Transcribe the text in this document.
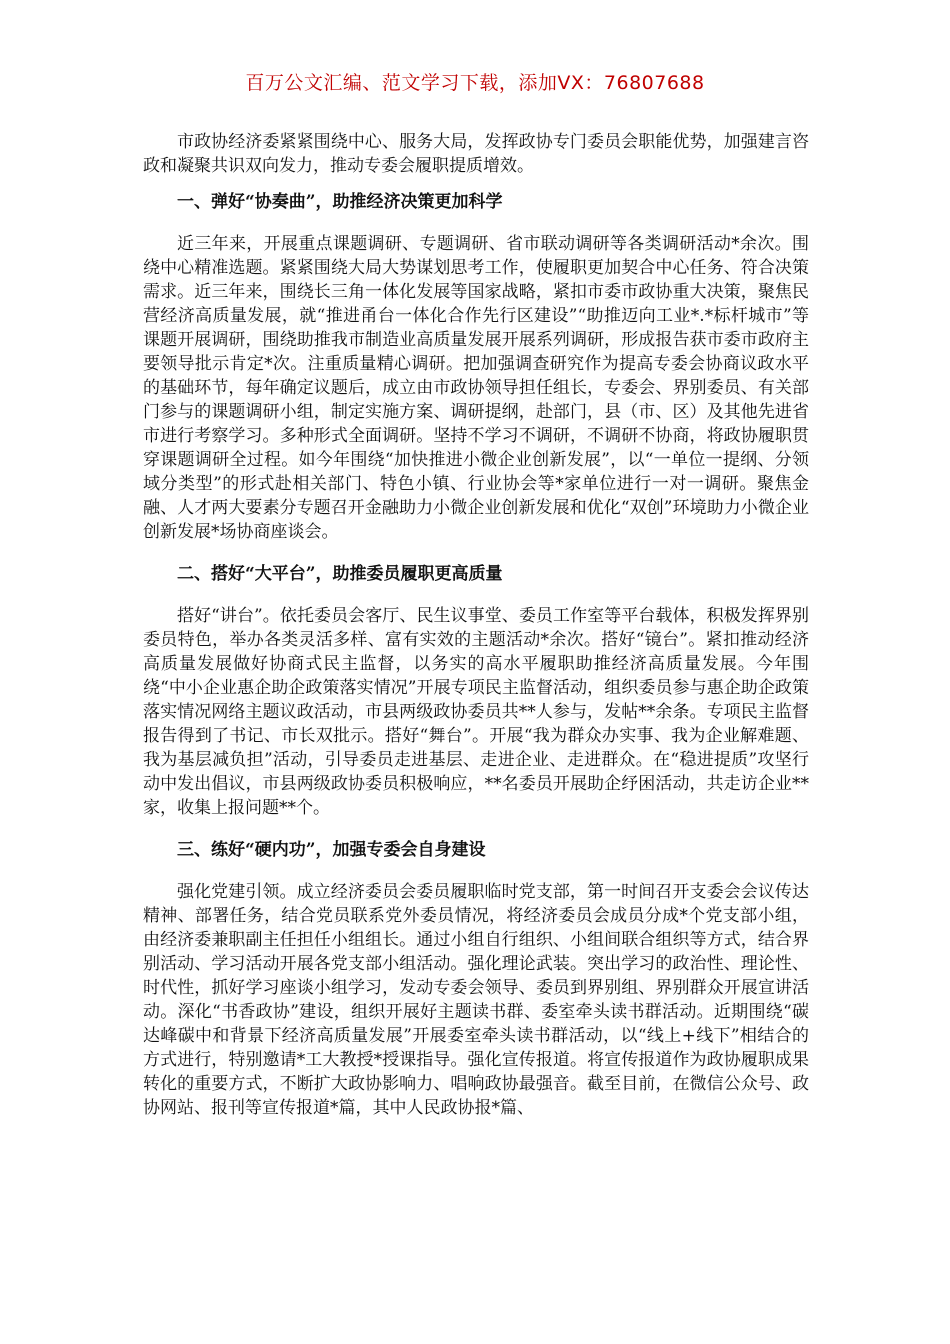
百万公文汇编、范文学习下载，添加VX：76807688

市政协经济委紧紧围绕中心、服务大局，发挥政协专门委员会职能优势，加强建言咨政和凝聚共识双向发力，推动专委会履职提质增效。

一、弹好“协奏曲”，助推经济决策更加科学

近三年来，开展重点课题调研、专题调研、省市联动调研等各类调研活动*余次。围绕中心精准选题。紧紧围绕大局大势谋划思考工作，使履职更加契合中心任务、符合决策需求。近三年来，围绕长三角一体化发展等国家战略，紧扣市委市政协重大决策，聚焦民营经济高质量发展，就“推进甬台一体化合作先行区建设”“助推迈向工业*.*标杆城市”等课题开展调研，围绕助推我市制造业高质量发展开展系列调研，形成报告获市委市政府主要领导批示肯定*次。注重质量精心调研。把加强调查研究作为提高专委会协商议政水平的基础环节，每年确定议题后，成立由市政协领导担任组长，专委会、界别委员、有关部门参与的课题调研小组，制定实施方案、调研提纲，赴部门，县（市、区）及其他先进省市进行考察学习。多种形式全面调研。坚持不学习不调研，不调研不协商，将政协履职贯穿课题调研全过程。如今年围绕“加快推进小微企业创新发展”，以“一单位一提纲、分领域分类型”的形式赴相关部门、特色小镇、行业协会等*家单位进行一对一调研。聚焦金融、人才两大要素分专题召开金融助力小微企业创新发展和优化“双创”环境助力小微企业创新发展*场协商座谈会。

二、搭好“大平台”，助推委员履职更高质量

搭好“讲台”。依托委员会客厅、民生议事堂、委员工作室等平台载体，积极发挥界别委员特色，举办各类灵活多样、富有实效的主题活动*余次。搭好“镜台”。紧扣推动经济高质量发展做好协商式民主监督，以务实的高水平履职助推经济高质量发展。今年围绕“中小企业惠企助企政策落实情况”开展专项民主监督活动，组织委员参与惠企助企政策落实情况网络主题议政活动，市县两级政协委员共**人参与，发帖**余条。专项民主监督报告得到了书记、市长双批示。搭好“舞台”。开展“我为群众办实事、我为企业解难题、我为基层减负担”活动，引导委员走进基层、走进企业、走进群众。在“稳进提质”攻坚行动中发出倡议，市县两级政协委员积极响应，**名委员开展助企纾困活动，共走访企业**家，收集上报问题**个。

三、练好“硬内功”，加强专委会自身建设

强化党建引领。成立经济委员会委员履职临时党支部，第一时间召开支委会会议传达精神、部署任务，结合党员联系党外委员情况，将经济委员会成员分成*个党支部小组，由经济委兼职副主任担任小组组长。通过小组自行组织、小组间联合组织等方式，结合界别活动、学习活动开展各党支部小组活动。强化理论武装。突出学习的政治性、理论性、时代性，抓好学习座谈小组学习，发动专委会领导、委员到界别组、界别群众开展宣讲活动。深化“书香政协”建设，组织开展好主题读书群、委室牵头读书群活动。近期围绕“碳达峰碳中和背景下经济高质量发展”开展委室牵头读书群活动，以“线上+线下”相结合的方式进行，特别邀请*工大教授*授课指导。强化宣传报道。将宣传报道作为政协履职成果转化的重要方式，不断扩大政协影响力、唱响政协最强音。截至目前，在微信公众号、政协网站、报刊等宣传报道*篇，其中人民政协报*篇、
